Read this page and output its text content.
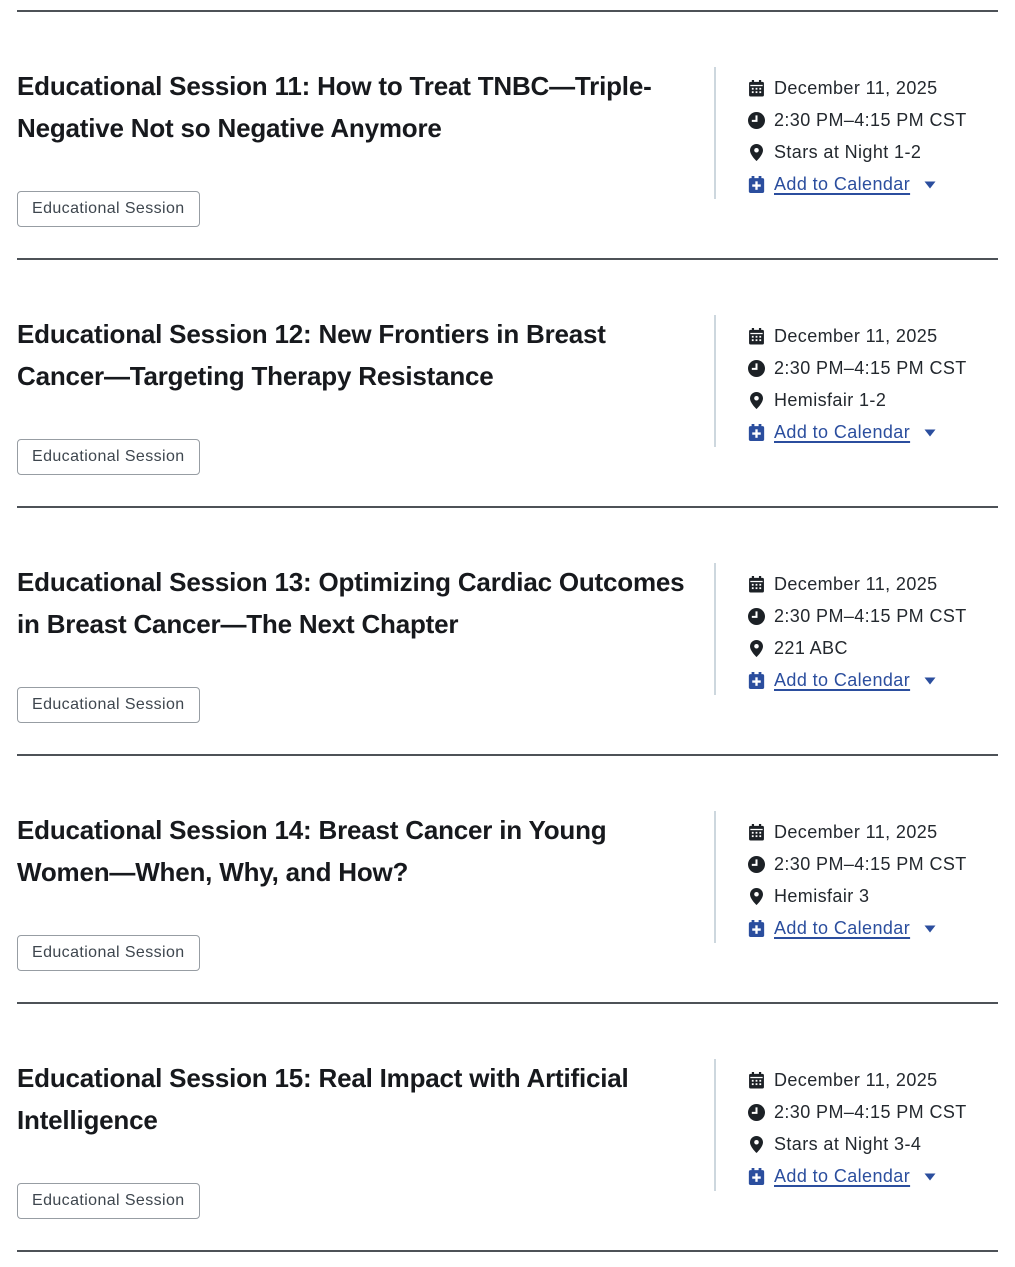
Educational Session 11: How to Treat TNBC—Triple-Negative Not so Negative Anymore

Educational Session
December 11, 2025
2:30 PM–4:15 PM CST
Stars at Night 1-2
Add to Calendar
Educational Session 12: New Frontiers in Breast Cancer—Targeting Therapy Resistance

Educational Session
December 11, 2025
2:30 PM–4:15 PM CST
Hemisfair 1-2
Add to Calendar
Educational Session 13: Optimizing Cardiac Outcomes in Breast Cancer—The Next Chapter

Educational Session
December 11, 2025
2:30 PM–4:15 PM CST
221 ABC
Add to Calendar
Educational Session 14: Breast Cancer in Young Women—When, Why, and How?

Educational Session
December 11, 2025
2:30 PM–4:15 PM CST
Hemisfair 3
Add to Calendar
Educational Session 15: Real Impact with Artificial Intelligence

Educational Session
December 11, 2025
2:30 PM–4:15 PM CST
Stars at Night 3-4
Add to Calendar
